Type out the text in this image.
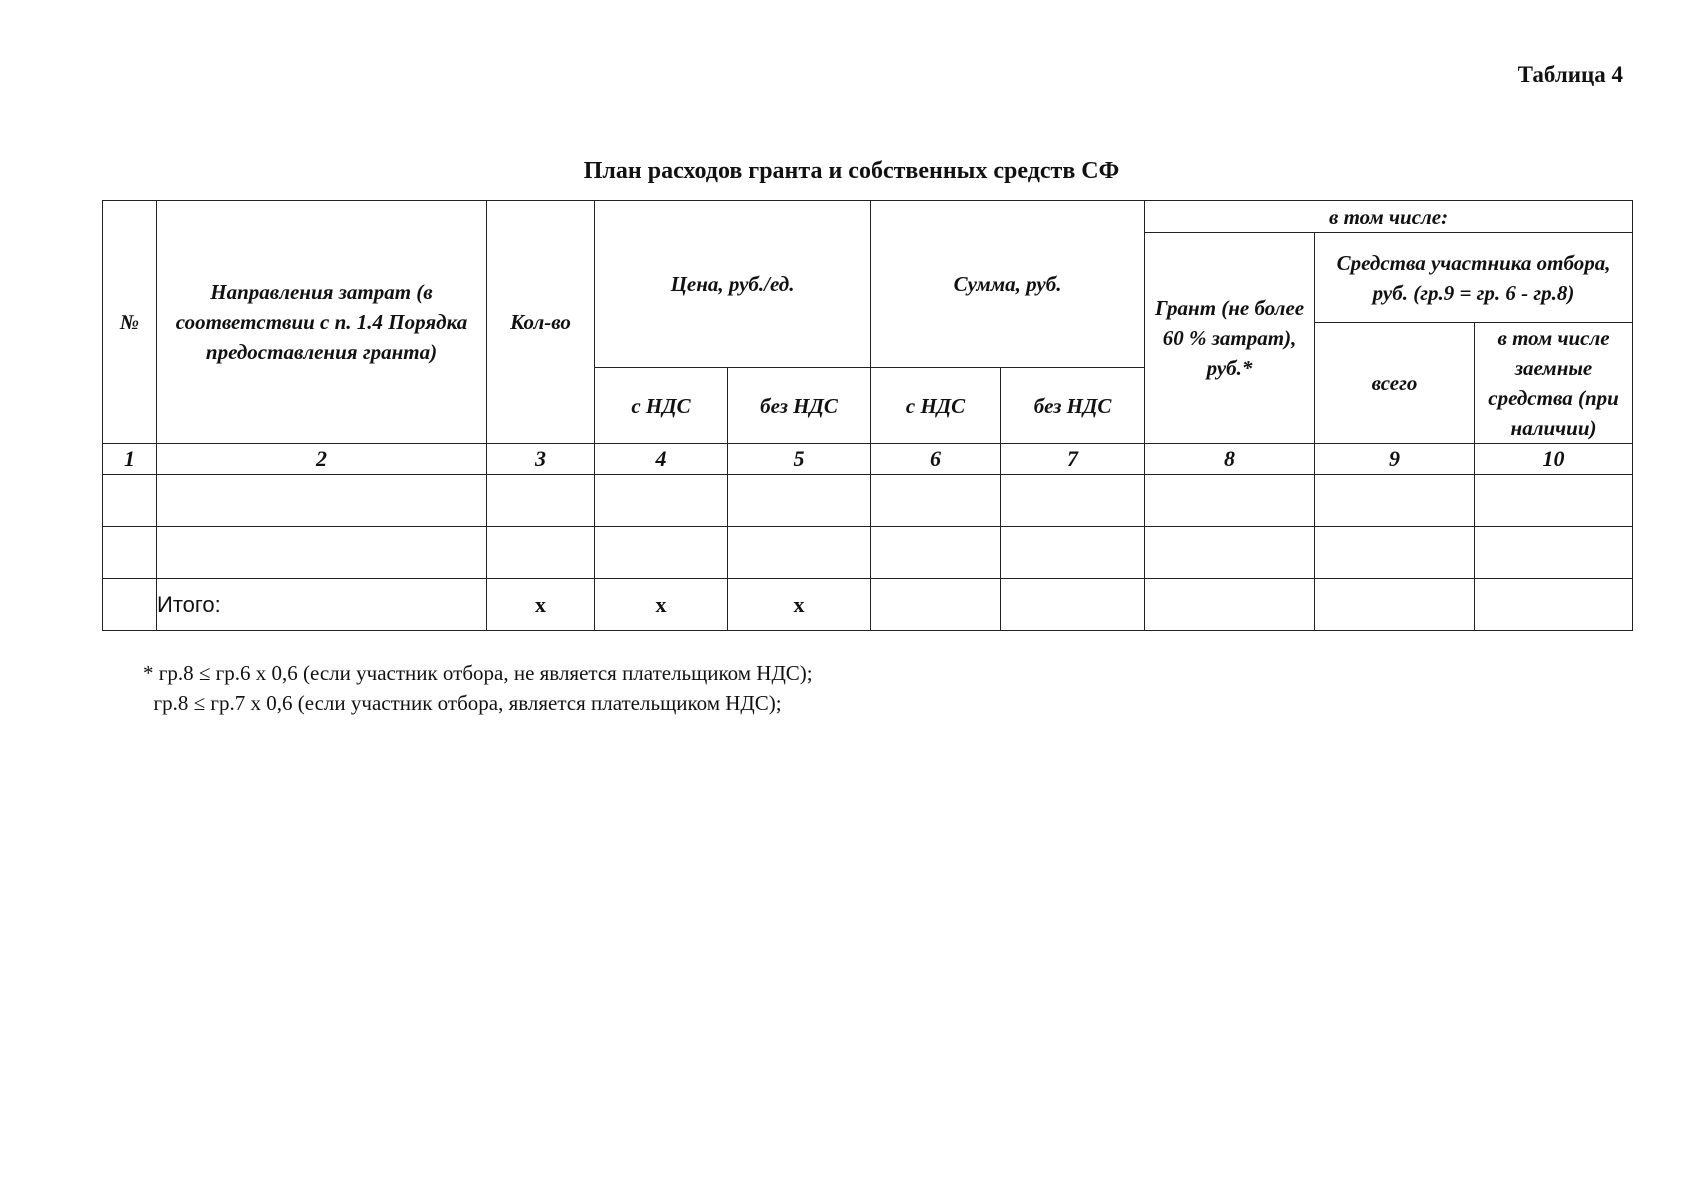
Таблица 4
План расходов гранта и собственных средств СФ
№	Направления затрат (в соответствии с п. 1.4 Порядка предоставления гранта)	Кол-во	Цена, руб./ед.		Сумма, руб.		в том числе:		
							Грант (не более 60 % затрат), руб.*	Средства участника отбора, руб. (гр.9 = гр. 6 - гр.8)	
								всего	в том числе заемные средства (при наличии)
			с НДС	без НДС	с НДС	без НДС			
1	2	3	4	5	6	7	8	9	10

	Итого:	х	х	х					
* гр.8 ≤ гр.6 х 0,6 (если участник отбора, не является плательщиком НДС);
гр.8 ≤ гр.7 х 0,6 (если участник отбора, является плательщиком НДС);
